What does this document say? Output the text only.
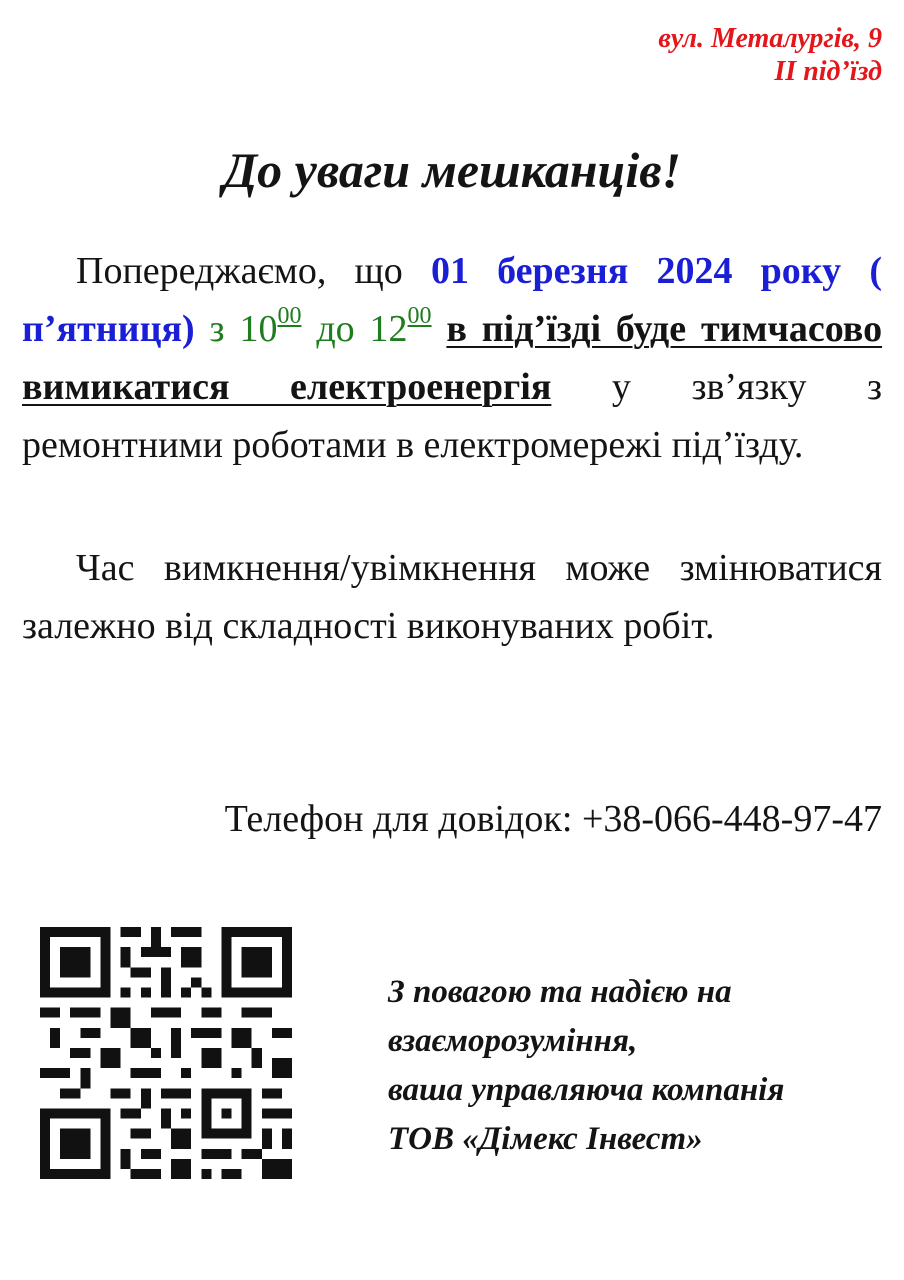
вул. Металургів, 9
ІІ під’їзд
До уваги мешканців!
Попереджаємо, що 01 березня 2024 року ( п’ятниця) з $10^{00}$ до $12^{00}$ в під’їзді буде тимчасово вимикатися електроенергія у зв’язку з ремонтними роботами в електромережі під’їзду.
Час вимкнення/увімкнення може змінюватися залежно від складності виконуваних робіт.
Телефон для довідок: +38-066-448-97-47
З повагою та надією на
взаєморозуміння,
ваша управляюча компанія
ТОВ «Дімекс Інвест»
